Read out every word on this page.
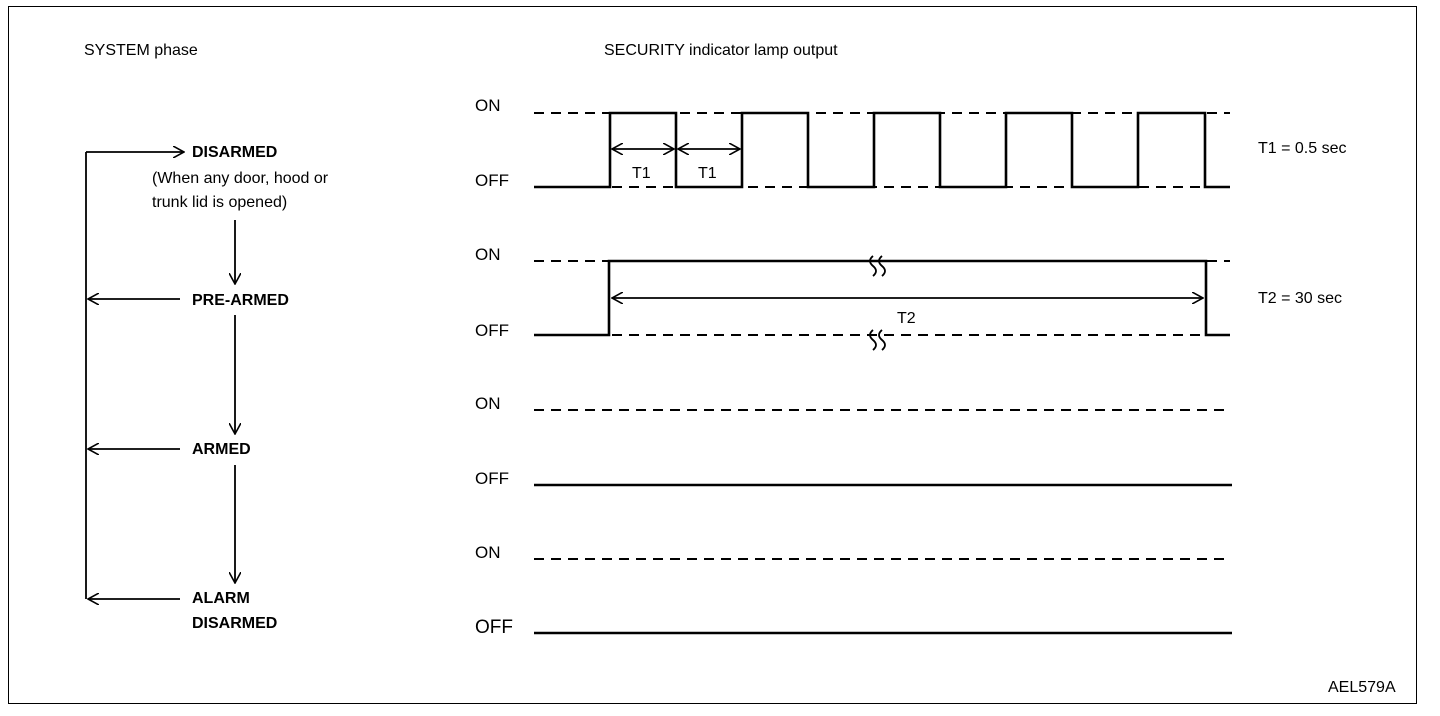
SYSTEM phase	SECURITY indicator lamp output
DISARMED
(When any door, hood or
trunk lid is opened)
PRE-ARMED
ARMED
ALARM
DISARMED
ON
OFF
ON
OFF
ON
OFF
ON
OFF
T1	T1
T1 = 0.5 sec
T2
T2 = 30 sec
AEL579A
